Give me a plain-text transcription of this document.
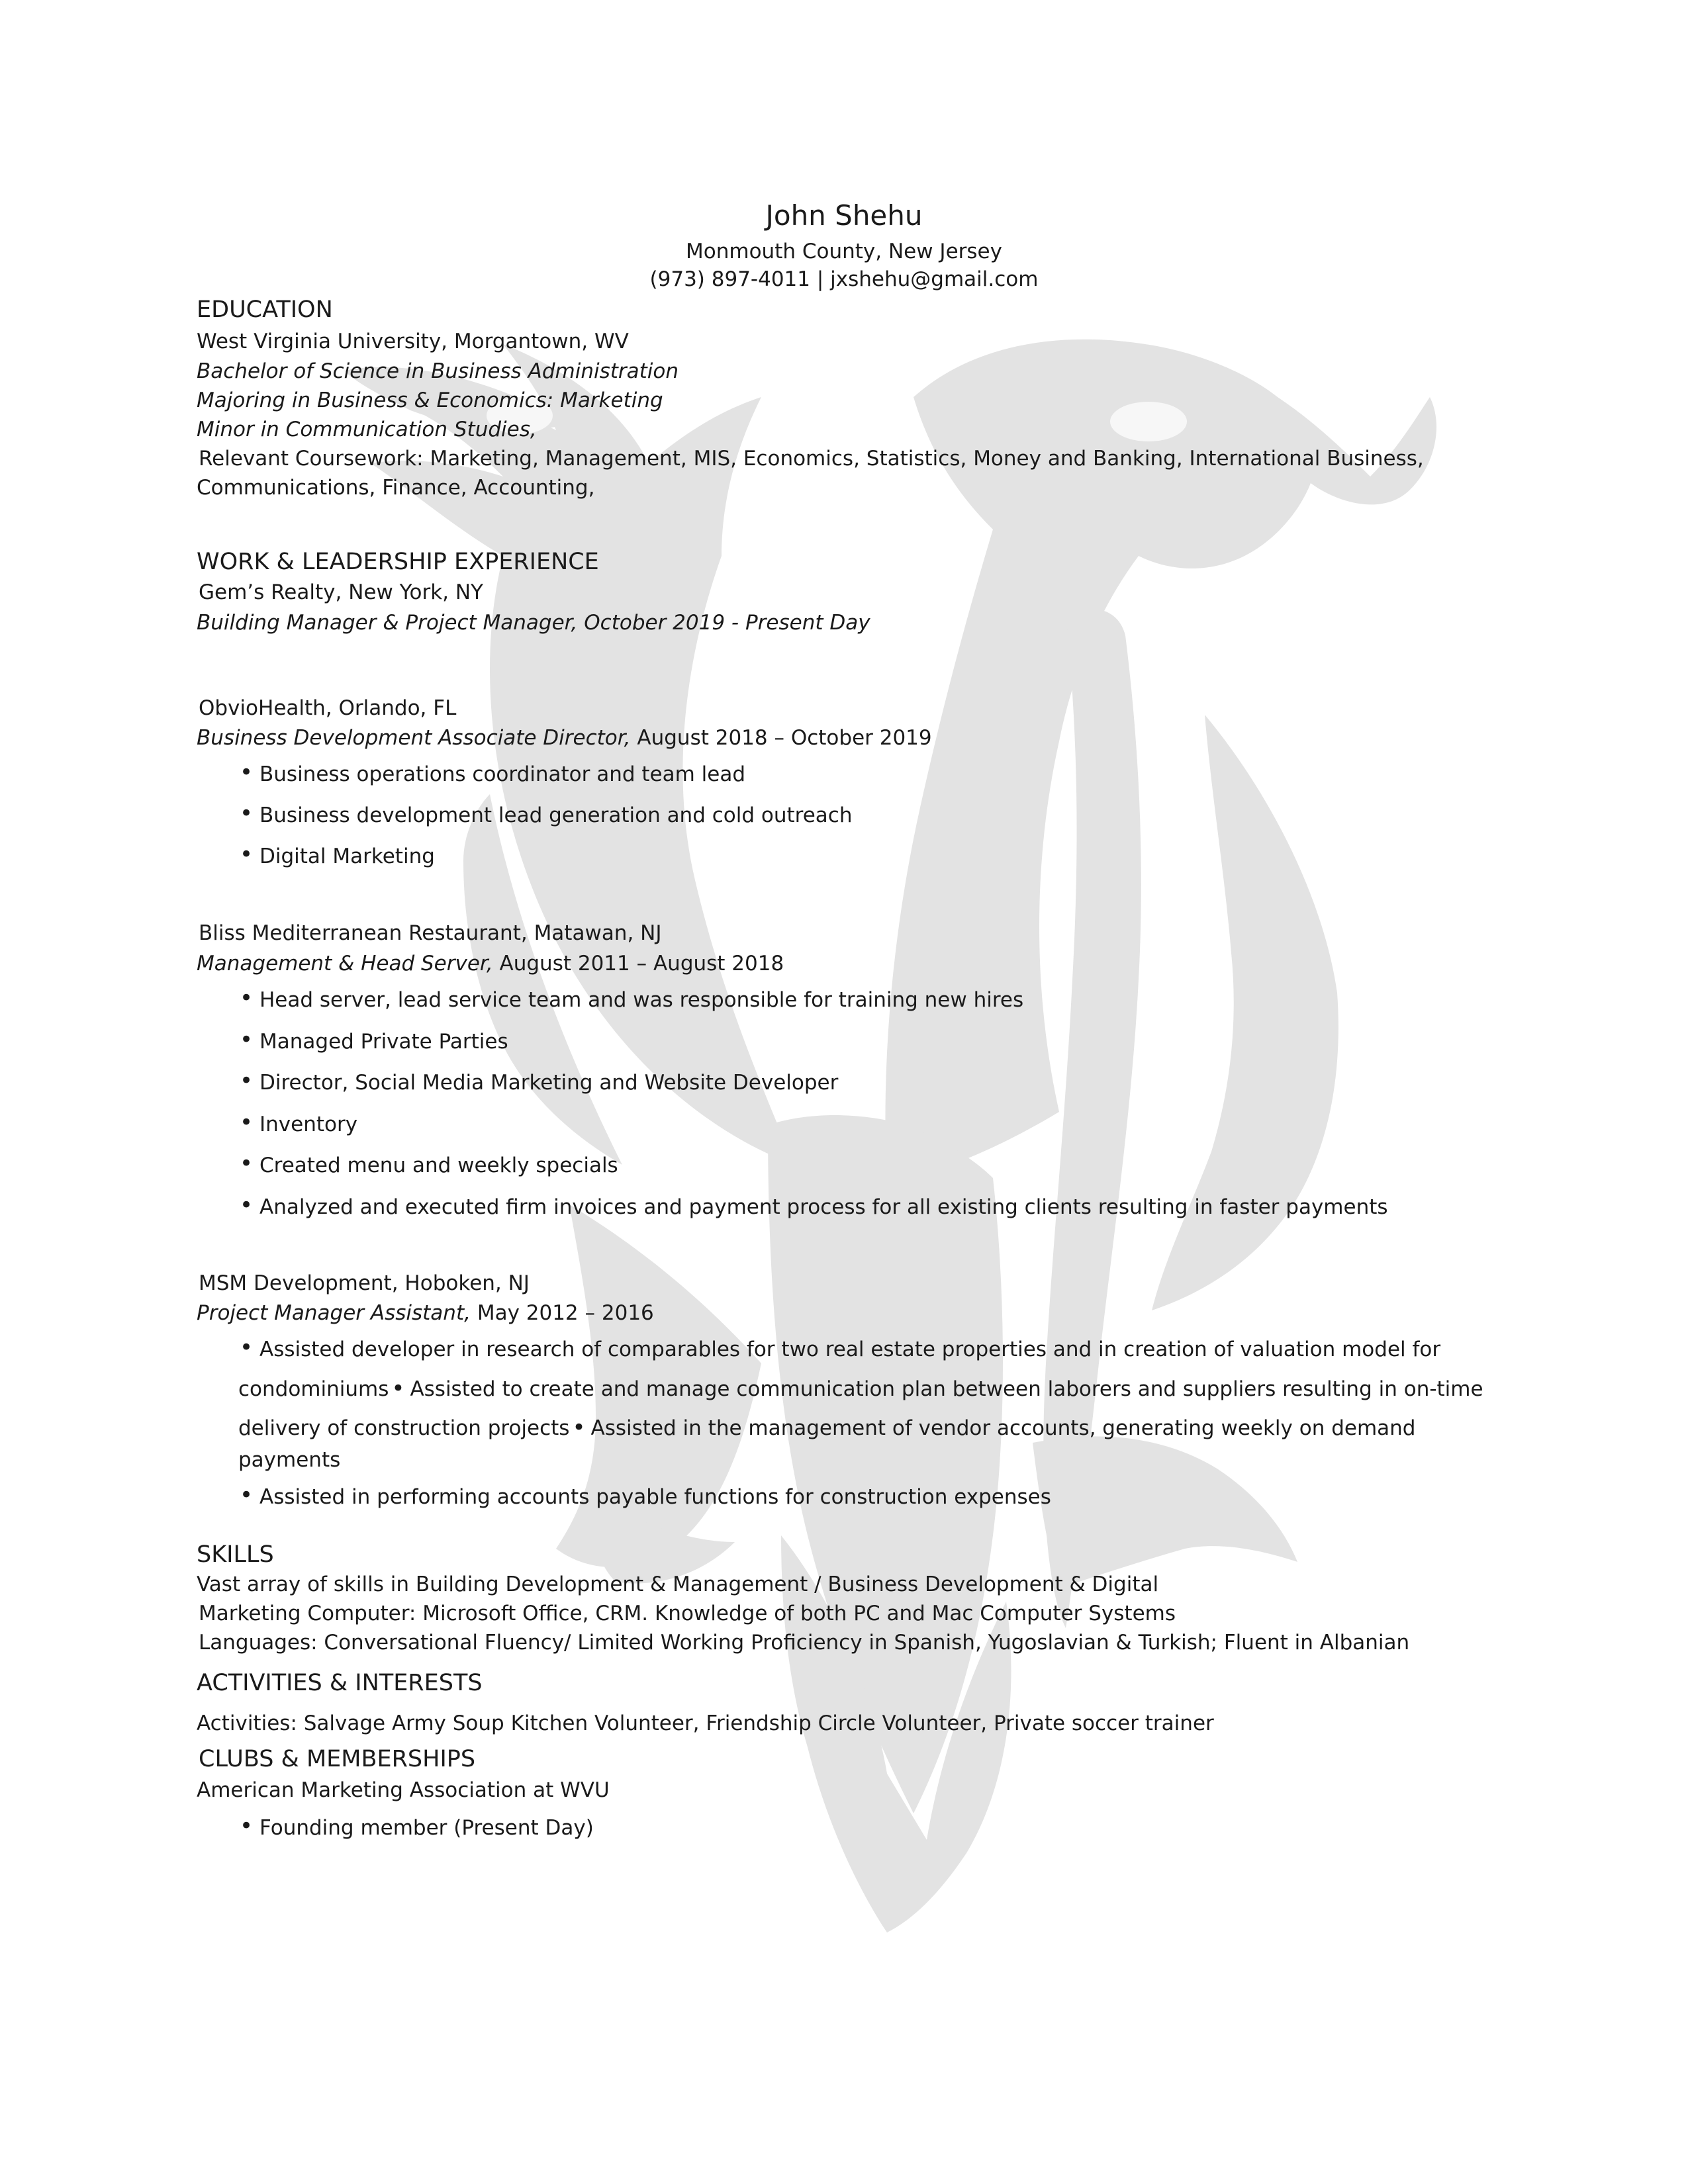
John Shehu
Monmouth County, New Jersey
(973) 897-4011 | jxshehu@gmail.com
EDUCATION
West Virginia University, Morgantown, WV
Bachelor of Science in Business Administration
Majoring in Business & Economics: Marketing
Minor in Communication Studies,
Relevant Coursework: Marketing, Management, MIS, Economics, Statistics, Money and Banking, International Business,
Communications, Finance, Accounting,
WORK & LEADERSHIP EXPERIENCE
Gem’s Realty, New York, NY
Building Manager & Project Manager, October 2019 - Present Day
ObvioHealth, Orlando, FL
Business Development Associate Director, August 2018 – October 2019
• Business operations coordinator and team lead
• Business development lead generation and cold outreach
• Digital Marketing
Bliss Mediterranean Restaurant, Matawan, NJ
Management & Head Server, August 2011 – August 2018
• Head server, lead service team and was responsible for training new hires
• Managed Private Parties
• Director, Social Media Marketing and Website Developer
• Inventory
• Created menu and weekly specials
• Analyzed and executed firm invoices and payment process for all existing clients resulting in faster payments
MSM Development, Hoboken, NJ
Project Manager Assistant, May 2012 – 2016
• Assisted developer in research of comparables for two real estate properties and in creation of valuation model for
condominiums • Assisted to create and manage communication plan between laborers and suppliers resulting in on-time
delivery of construction projects • Assisted in the management of vendor accounts, generating weekly on demand
payments
• Assisted in performing accounts payable functions for construction expenses
SKILLS
Vast array of skills in Building Development & Management / Business Development & Digital
Marketing Computer: Microsoft Office, CRM. Knowledge of both PC and Mac Computer Systems
Languages: Conversational Fluency/ Limited Working Proficiency in Spanish, Yugoslavian & Turkish; Fluent in Albanian
ACTIVITIES & INTERESTS
Activities: Salvage Army Soup Kitchen Volunteer, Friendship Circle Volunteer, Private soccer trainer
CLUBS & MEMBERSHIPS
American Marketing Association at WVU
• Founding member (Present Day)
